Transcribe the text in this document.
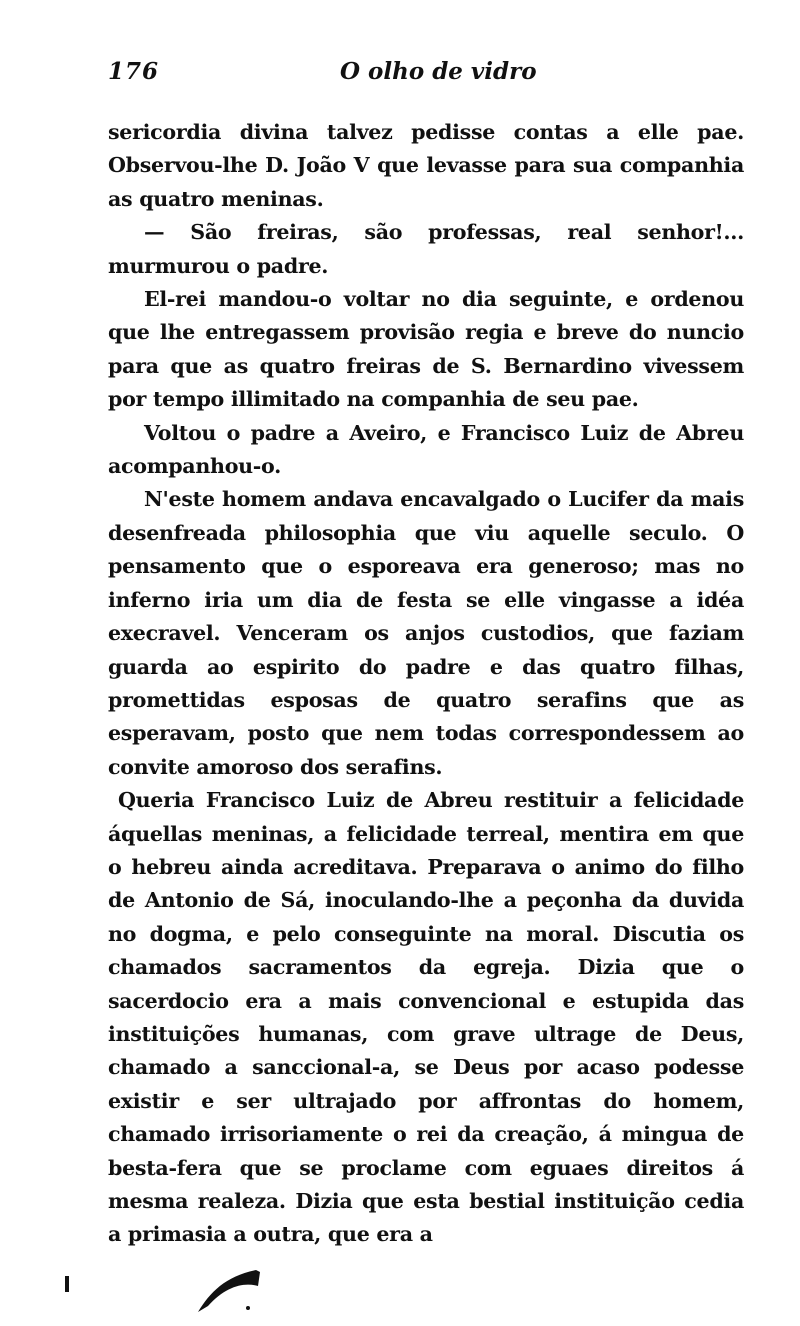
176	O olho de vidro

sericordia divina talvez pedisse contas a elle pae. Observou-lhe D. João V que levasse para sua companhia as quatro meninas.

— São freiras, são professas, real senhor!... murmurou o padre.

El-rei mandou-o voltar no dia seguinte, e ordenou que lhe entregassem provisão regia e breve do nuncio para que as quatro freiras de S. Bernardino vivessem por tempo illimitado na companhia de seu pae.

Voltou o padre a Aveiro, e Francisco Luiz de Abreu acompanhou-o.

N'este homem andava encavalgado o Lucifer da mais desenfreada philosophia que viu aquelle seculo. O pensamento que o esporeava era generoso; mas no inferno iria um dia de festa se elle vingasse a idéa execravel. Venceram os anjos custodios, que faziam guarda ao espirito do padre e das quatro filhas, promettidas esposas de quatro serafins que as esperavam, posto que nem todas correspondessem ao convite amoroso dos serafins.

Queria Francisco Luiz de Abreu restituir a felicidade áquellas meninas, a felicidade terreal, mentira em que o hebreu ainda acreditava. Preparava o animo do filho de Antonio de Sá, inoculando-lhe a peçonha da duvida no dogma, e pelo conseguinte na moral. Discutia os chamados sacramentos da egreja. Dizia que o sacerdocio era a mais convencional e estupida das instituições humanas, com grave ultrage de Deus, chamado a sanccional-a, se Deus por acaso podesse existir e ser ultrajado por affrontas do homem, chamado irrisoriamente o rei da creação, á mingua de besta-fera que se proclame com eguaes direitos á mesma realeza. Dizia que esta bestial instituição cedia a primasia a outra, que era a
